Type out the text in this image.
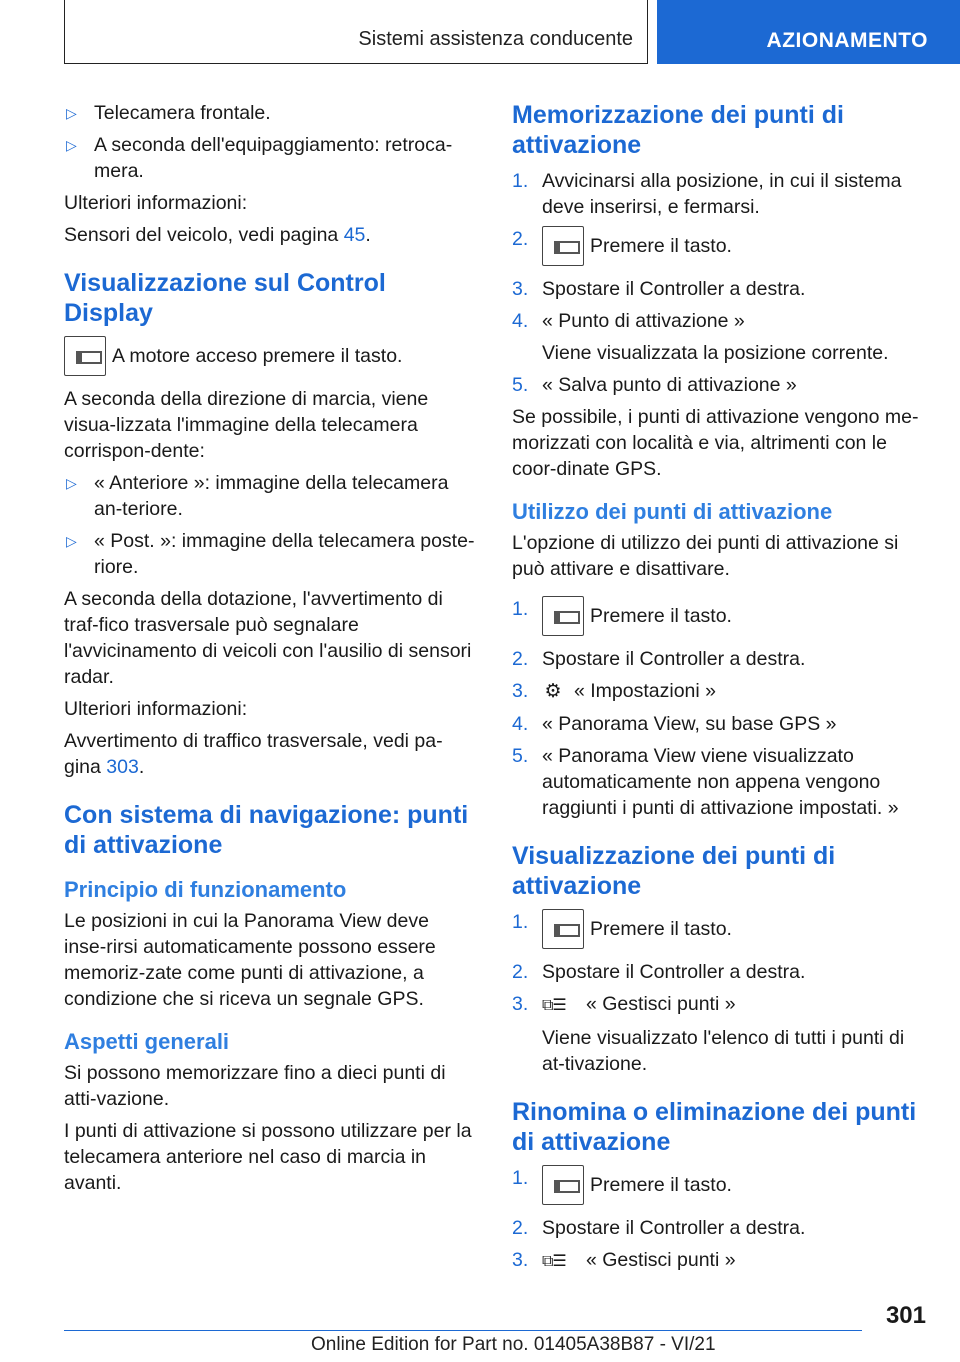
Sistemi assistenza conducente	AZIONAMENTO
▷ Telecamera frontale.
▷ A seconda dell'equipaggiamento: retroca-mera.

Ulteriori informazioni:

Sensori del veicolo, vedi pagina 45.

Visualizzazione sul Control Display

A motore acceso premere il tasto.

A seconda della direzione di marcia, viene visua-lizzata l'immagine della telecamera corrispon-dente:

▷ « Anteriore »: immagine della telecamera an-teriore.
▷ « Post. »: immagine della telecamera poste-riore.

A seconda della dotazione, l'avvertimento di traf-fico trasversale può segnalare l'avvicinamento di veicoli con l'ausilio di sensori radar.

Ulteriori informazioni:

Avvertimento di traffico trasversale, vedi pa-gina 303.

Con sistema di navigazione: punti di attivazione
Principio di funzionamento

Le posizioni in cui la Panorama View deve inse-rirsi automaticamente possono essere memoriz-zate come punti di attivazione, a condizione che si riceva un segnale GPS.

Aspetti generali

Si possono memorizzare fino a dieci punti di atti-vazione.

I punti di attivazione si possono utilizzare per la telecamera anteriore nel caso di marcia in avanti.

Memorizzazione dei punti di attivazione
1. Avvicinarsi alla posizione, in cui il sistema deve inserirsi, e fermarsi.
2.	Premere il tasto.
3. Spostare il Controller a destra.
4. « Punto di attivazione »

Viene visualizzata la posizione corrente.

5. « Salva punto di attivazione »

Se possibile, i punti di attivazione vengono me-morizzati con località e via, altrimenti con le coor-dinate GPS.

Utilizzo dei punti di attivazione

L'opzione di utilizzo dei punti di attivazione si può attivare e disattivare.

1.	Premere il tasto.
2. Spostare il Controller a destra.
3. ⚙ « Impostazioni »
4. « Panorama View, su base GPS »
5. « Panorama View viene visualizzato automaticamente non appena vengono raggiunti i punti di attivazione impostati. »
Visualizzazione dei punti di attivazione
1.	Premere il tasto.
2. Spostare il Controller a destra.
3. ⧉☰ « Gestisci punti »

Viene visualizzato l'elenco di tutti i punti di at-tivazione.

Rinomina o eliminazione dei punti di attivazione
1.	Premere il tasto.
2. Spostare il Controller a destra.
3. ⧉☰ « Gestisci punti »
301
Online Edition for Part no. 01405A38B87 - VI/21
